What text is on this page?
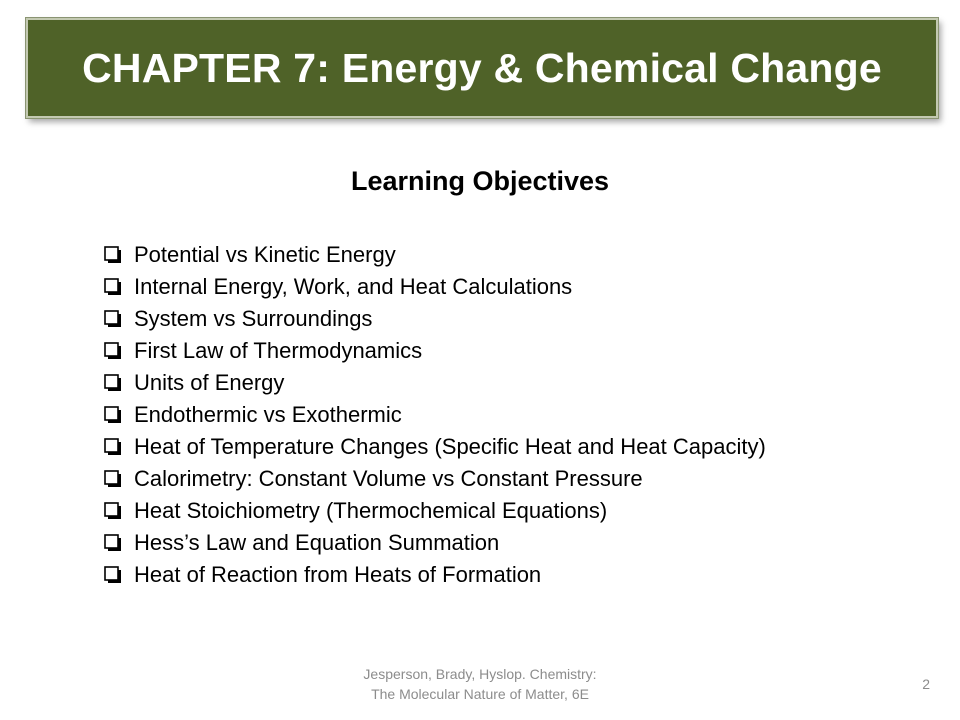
CHAPTER 7: Energy & Chemical Change
Learning Objectives
Potential vs Kinetic Energy
Internal Energy, Work, and Heat Calculations
System vs Surroundings
First Law of Thermodynamics
Units of Energy
Endothermic vs Exothermic
Heat of Temperature Changes (Specific Heat and Heat Capacity)
Calorimetry: Constant Volume vs Constant Pressure
Heat Stoichiometry (Thermochemical Equations)
Hess’s Law and Equation Summation
Heat of Reaction from Heats of Formation
Jesperson, Brady, Hyslop. Chemistry:
The Molecular Nature of Matter, 6E
2
